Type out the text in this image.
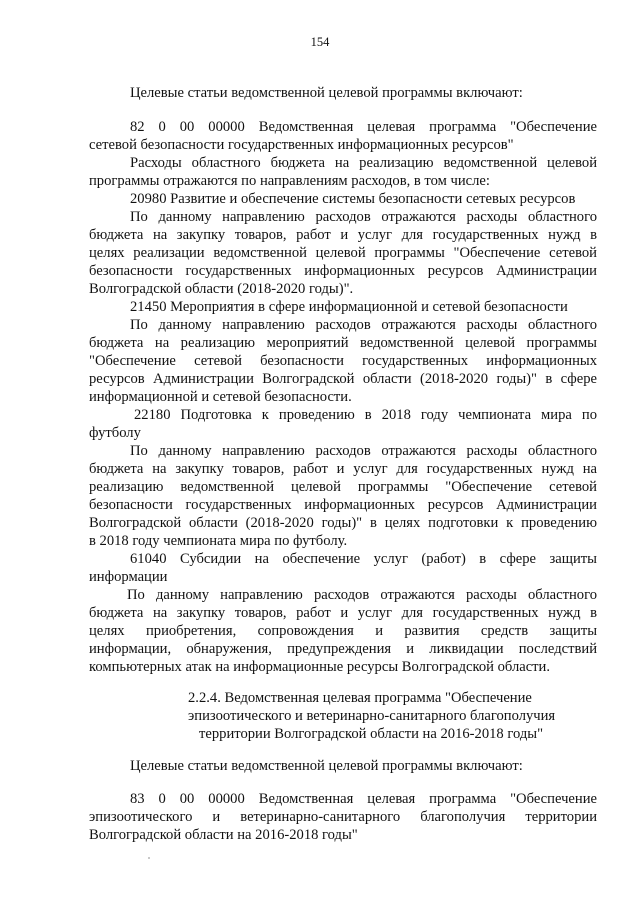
154
Целевые статьи ведомственной целевой программы включают:
82 0 00 00000 Ведомственная целевая программа "Обеспечение
сетевой безопасности государственных информационных ресурсов"
Расходы областного бюджета на реализацию ведомственной целевой
программы отражаются по направлениям расходов, в том числе:
20980 Развитие и обеспечение системы безопасности сетевых ресурсов
По данному направлению расходов отражаются расходы областного
бюджета на закупку товаров, работ и услуг для государственных нужд в
целях реализации ведомственной целевой программы "Обеспечение сетевой
безопасности государственных информационных ресурсов Администрации
Волгоградской области (2018-2020 годы)".
21450 Мероприятия в сфере информационной и сетевой безопасности
По данному направлению расходов отражаются расходы областного
бюджета на реализацию мероприятий ведомственной целевой программы
"Обеспечение сетевой безопасности государственных информационных
ресурсов Администрации Волгоградской области (2018-2020 годы)" в сфере
информационной и сетевой безопасности.
22180 Подготовка к проведению в 2018 году чемпионата мира по
футболу
По данному направлению расходов отражаются расходы областного
бюджета на закупку товаров, работ и услуг для государственных нужд на
реализацию ведомственной целевой программы "Обеспечение сетевой
безопасности государственных информационных ресурсов Администрации
Волгоградской области (2018-2020 годы)" в целях подготовки к проведению
в 2018 году чемпионата мира по футболу.
61040 Субсидии на обеспечение услуг (работ) в сфере защиты
информации
По данному направлению расходов отражаются расходы областного
бюджета на закупку товаров, работ и услуг для государственных нужд в
целях приобретения, сопровождения и развития средств защиты
информации, обнаружения, предупреждения и ликвидации последствий
компьютерных атак на информационные ресурсы Волгоградской области.
2.2.4. Ведомственная целевая программа "Обеспечение
эпизоотического и ветеринарно-санитарного благополучия
территории Волгоградской области на 2016-2018 годы"
Целевые статьи ведомственной целевой программы включают:
83 0 00 00000 Ведомственная целевая программа "Обеспечение
эпизоотического и ветеринарно-санитарного благополучия территории
Волгоградской области на 2016-2018 годы"
